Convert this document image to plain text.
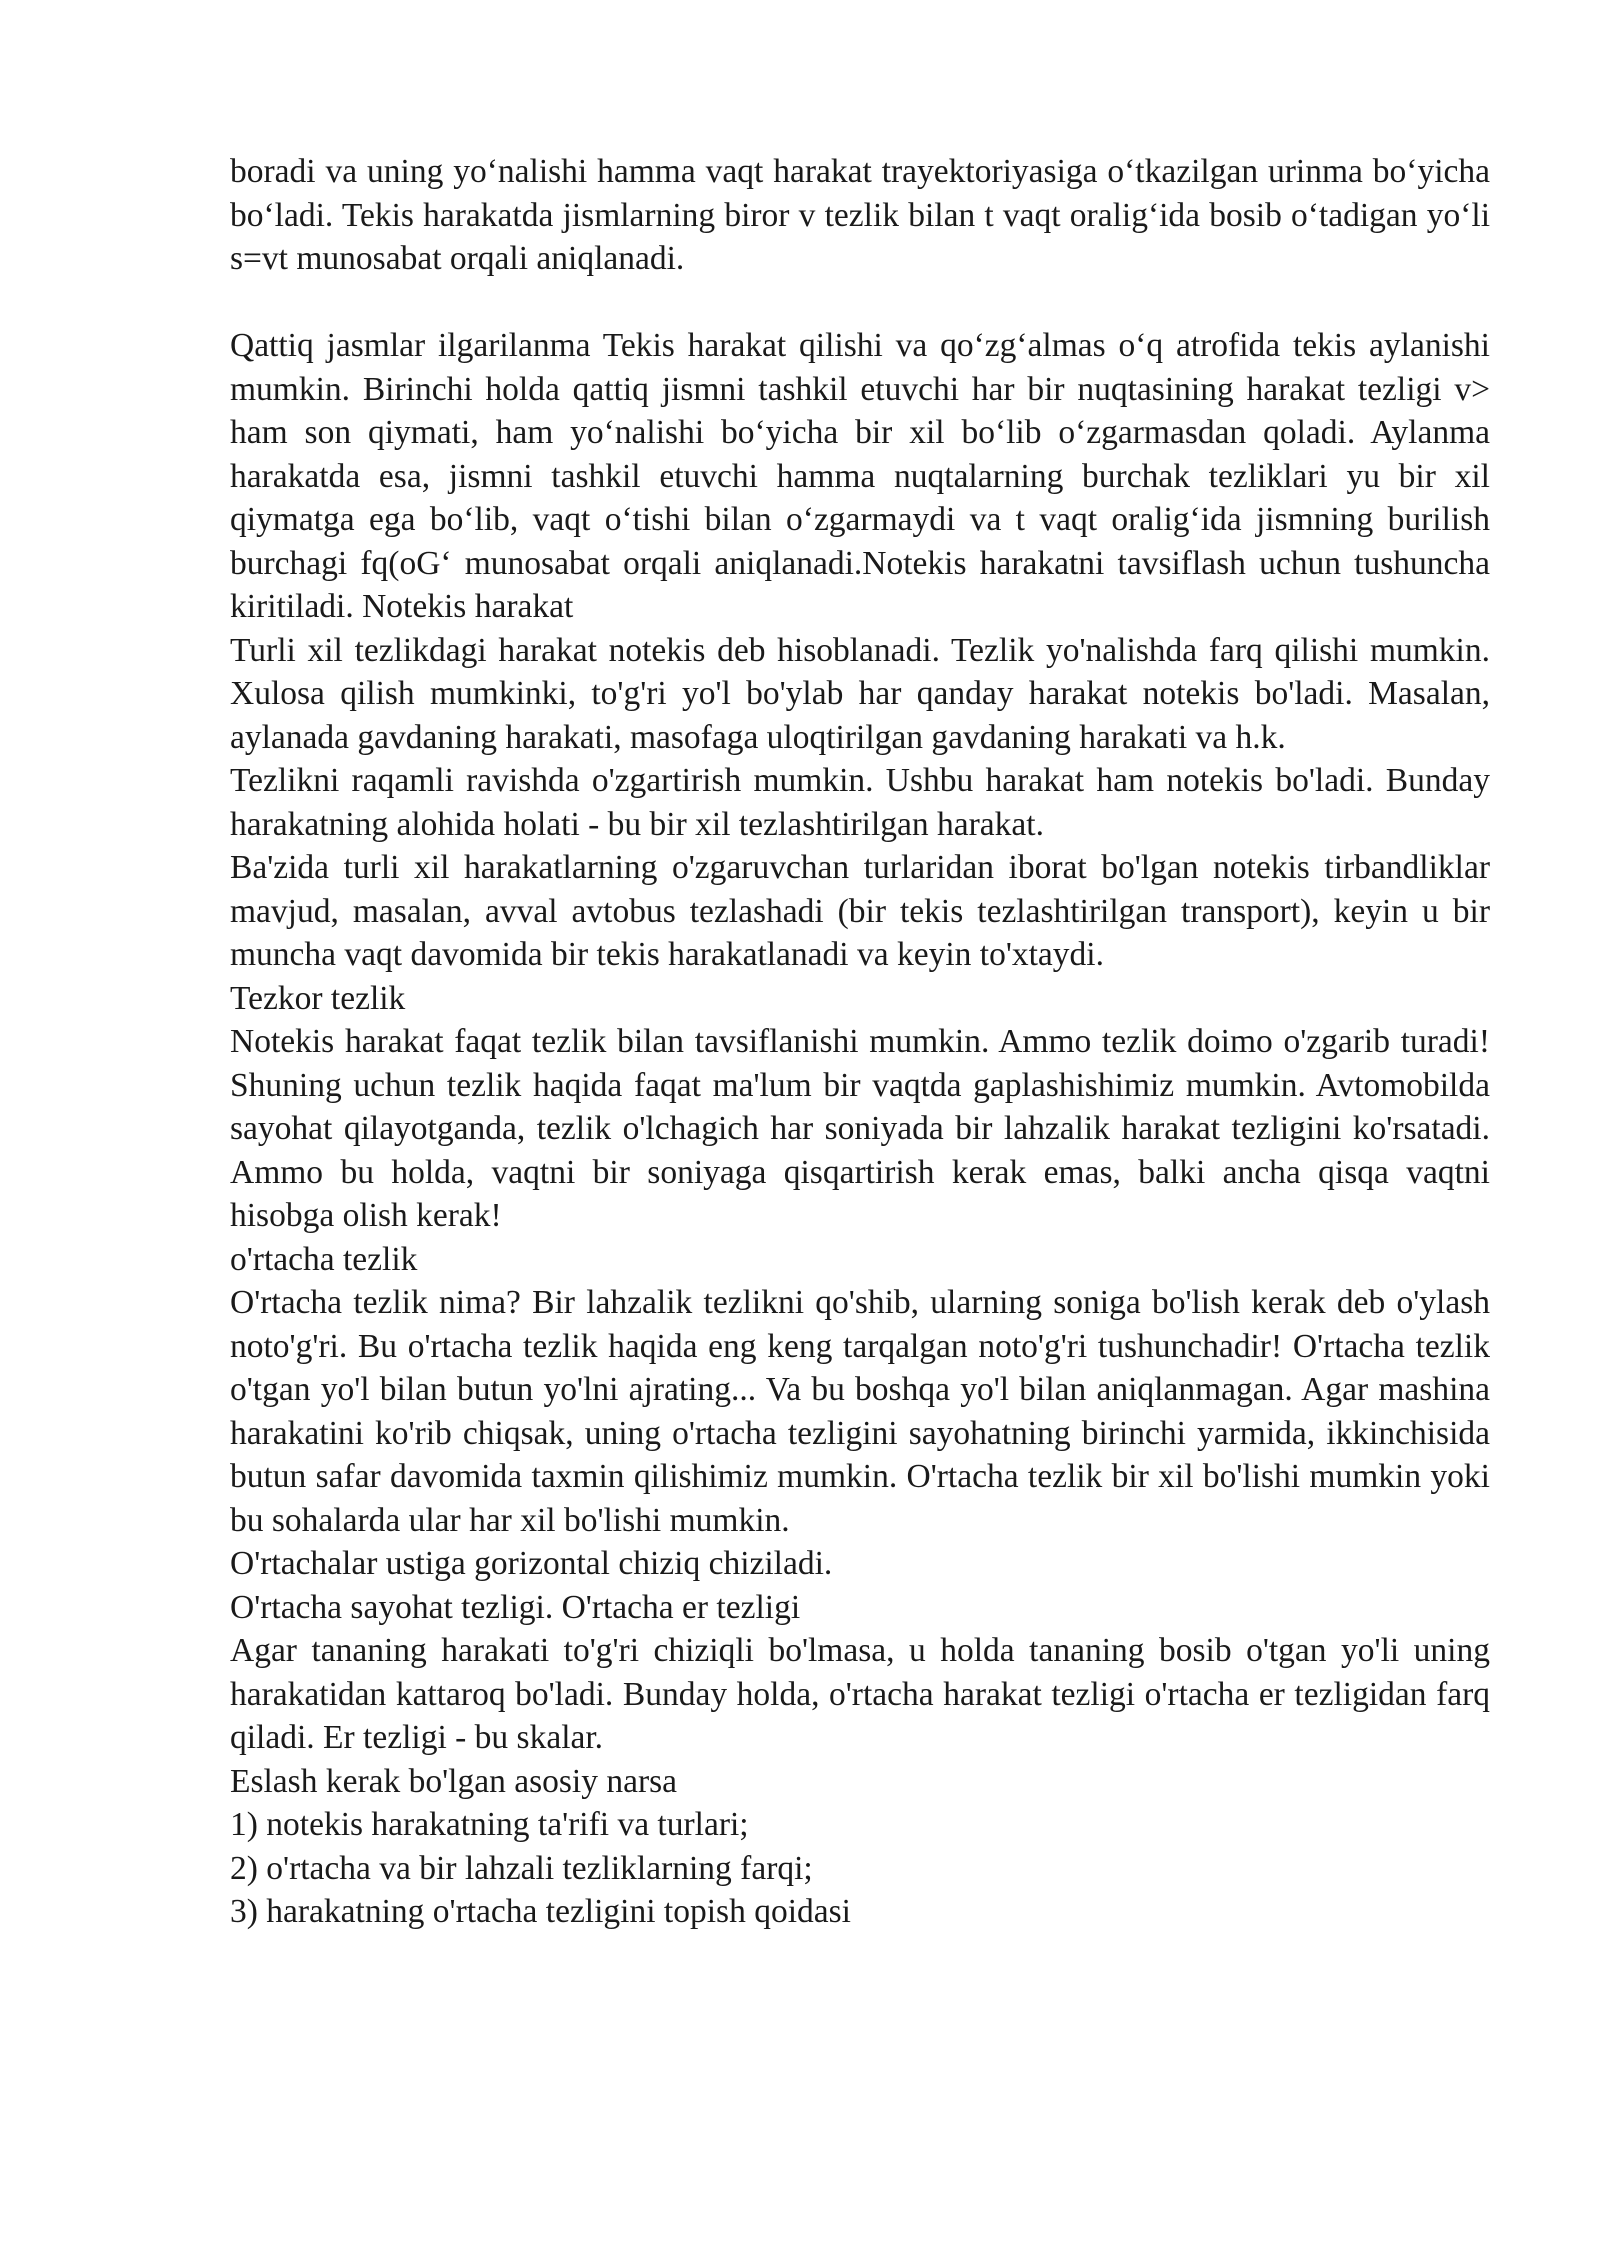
boradi va uning yo‘nalishi hamma vaqt harakat trayektoriyasiga o‘tkazilgan urinma bo‘yicha bo‘ladi. Tekis harakatda jismlarning biror v tezlik bilan t vaqt oralig‘ida bosib o‘tadigan yo‘li s=vt munosabat orqali aniqlanadi.

Qattiq jasmlar ilgarilanma Tekis harakat qilishi va qo‘zg‘almas o‘q atrofida tekis aylanishi mumkin. Birinchi holda qattiq jismni tashkil etuvchi har bir nuqtasining harakat tezligi v> ham son qiymati, ham yo‘nalishi bo‘yicha bir xil bo‘lib o‘zgarmasdan qoladi. Aylanma harakatda esa, jismni tashkil etuvchi hamma nuqtalarning burchak tezliklari yu bir xil qiymatga ega bo‘lib, vaqt o‘tishi bilan o‘zgarmaydi va t vaqt oralig‘ida jismning burilish burchagi fq(oG‘ munosabat orqali aniqlanadi.Notekis harakatni tavsiflash uchun tushuncha kiritiladi. Notekis harakat

Turli xil tezlikdagi harakat notekis deb hisoblanadi. Tezlik yo'nalishda farq qilishi mumkin. Xulosa qilish mumkinki, to'g'ri yo'l bo'ylab har qanday harakat notekis bo'ladi. Masalan, aylanada gavdaning harakati, masofaga uloqtirilgan gavdaning harakati va h.k.

Tezlikni raqamli ravishda o'zgartirish mumkin. Ushbu harakat ham notekis bo'ladi. Bunday harakatning alohida holati - bu bir xil tezlashtirilgan harakat.

Ba'zida turli xil harakatlarning o'zgaruvchan turlaridan iborat bo'lgan notekis tirbandliklar mavjud, masalan, avval avtobus tezlashadi (bir tekis tezlashtirilgan transport), keyin u bir muncha vaqt davomida bir tekis harakatlanadi va keyin to'xtaydi.

Tezkor tezlik

Notekis harakat faqat tezlik bilan tavsiflanishi mumkin. Ammo tezlik doimo o'zgarib turadi! Shuning uchun tezlik haqida faqat ma'lum bir vaqtda gaplashishimiz mumkin. Avtomobilda sayohat qilayotganda, tezlik o'lchagich har soniyada bir lahzalik harakat tezligini ko'rsatadi. Ammo bu holda, vaqtni bir soniyaga qisqartirish kerak emas, balki ancha qisqa vaqtni hisobga olish kerak!

o'rtacha tezlik

O'rtacha tezlik nima? Bir lahzalik tezlikni qo'shib, ularning soniga bo'lish kerak deb o'ylash noto'g'ri. Bu o'rtacha tezlik haqida eng keng tarqalgan noto'g'ri tushunchadir! O'rtacha tezlik o'tgan yo'l bilan butun yo'lni ajrating... Va bu boshqa yo'l bilan aniqlanmagan. Agar mashina harakatini ko'rib chiqsak, uning o'rtacha tezligini sayohatning birinchi yarmida, ikkinchisida butun safar davomida taxmin qilishimiz mumkin. O'rtacha tezlik bir xil bo'lishi mumkin yoki bu sohalarda ular har xil bo'lishi mumkin.

O'rtachalar ustiga gorizontal chiziq chiziladi.

O'rtacha sayohat tezligi. O'rtacha er tezligi

Agar tananing harakati to'g'ri chiziqli bo'lmasa, u holda tananing bosib o'tgan yo'li uning harakatidan kattaroq bo'ladi. Bunday holda, o'rtacha harakat tezligi o'rtacha er tezligidan farq qiladi. Er tezligi - bu skalar.

Eslash kerak bo'lgan asosiy narsa

1) notekis harakatning ta'rifi va turlari;

2) o'rtacha va bir lahzali tezliklarning farqi;

3) harakatning o'rtacha tezligini topish qoidasi
